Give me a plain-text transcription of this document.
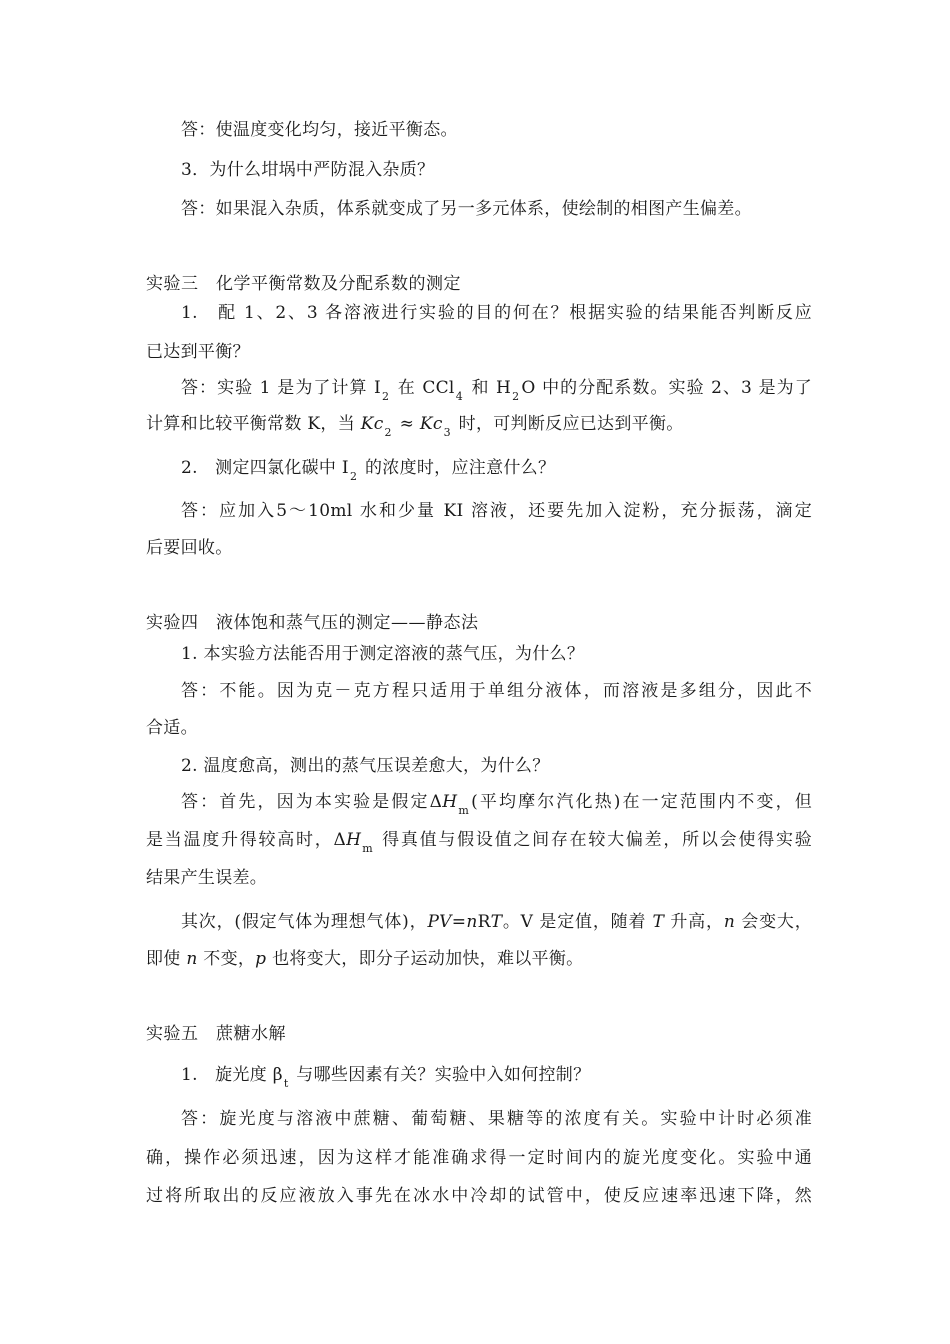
答：使温度变化均匀，接近平衡态。
3．为什么坩埚中严防混入杂质？
答：如果混入杂质，体系就变成了另一多元体系，使绘制的相图产生偏差。
实验三　化学平衡常数及分配系数的测定
1.　配 1、2、3 各溶液进行实验的目的何在？根据实验的结果能否判断反应
已达到平衡？
答：实验 1 是为了计算 $I_2$ 在 CCl$_4$ 和 $H_2$ O 中的分配系数。实验 2、3 是为了
计算和比较平衡常数 K，当 $Kc_2 \approx Kc_3$ 时，可判断反应已达到平衡。
2.　测定四氯化碳中 $I_2$ 的浓度时，应注意什么？
答：应加入5～10ml 水和少量 KI 溶液，还要先加入淀粉，充分振荡，滴定
后要回收。
实验四　液体饱和蒸气压的测定——静态法
1. 本实验方法能否用于测定溶液的蒸气压，为什么？
答：不能。因为克－克方程只适用于单组分液体，而溶液是多组分，因此不
合适。
2. 温度愈高，测出的蒸气压误差愈大，为什么？
答：首先，因为本实验是假定$\Delta H_m$ (平均摩尔汽化热)在一定范围内不变，但
是当温度升得较高时，$\Delta H_m$ 得真值与假设值之间存在较大偏差，所以会使得实验
结果产生误差。
其次，(假定气体为理想气体)，PV=nRT。V 是定值，随着 T 升高，n 会变大，
即使 n 不变，p 也将变大，即分子运动加快，难以平衡。
实验五　蔗糖水解
1.　旋光度 $\beta_t$ 与哪些因素有关？实验中入如何控制？
答：旋光度与溶液中蔗糖、葡萄糖、果糖等的浓度有关。实验中计时必须准
确，操作必须迅速，因为这样才能准确求得一定时间内的旋光度变化。实验中通
过将所取出的反应液放入事先在冰水中冷却的试管中，使反应速率迅速下降，然
